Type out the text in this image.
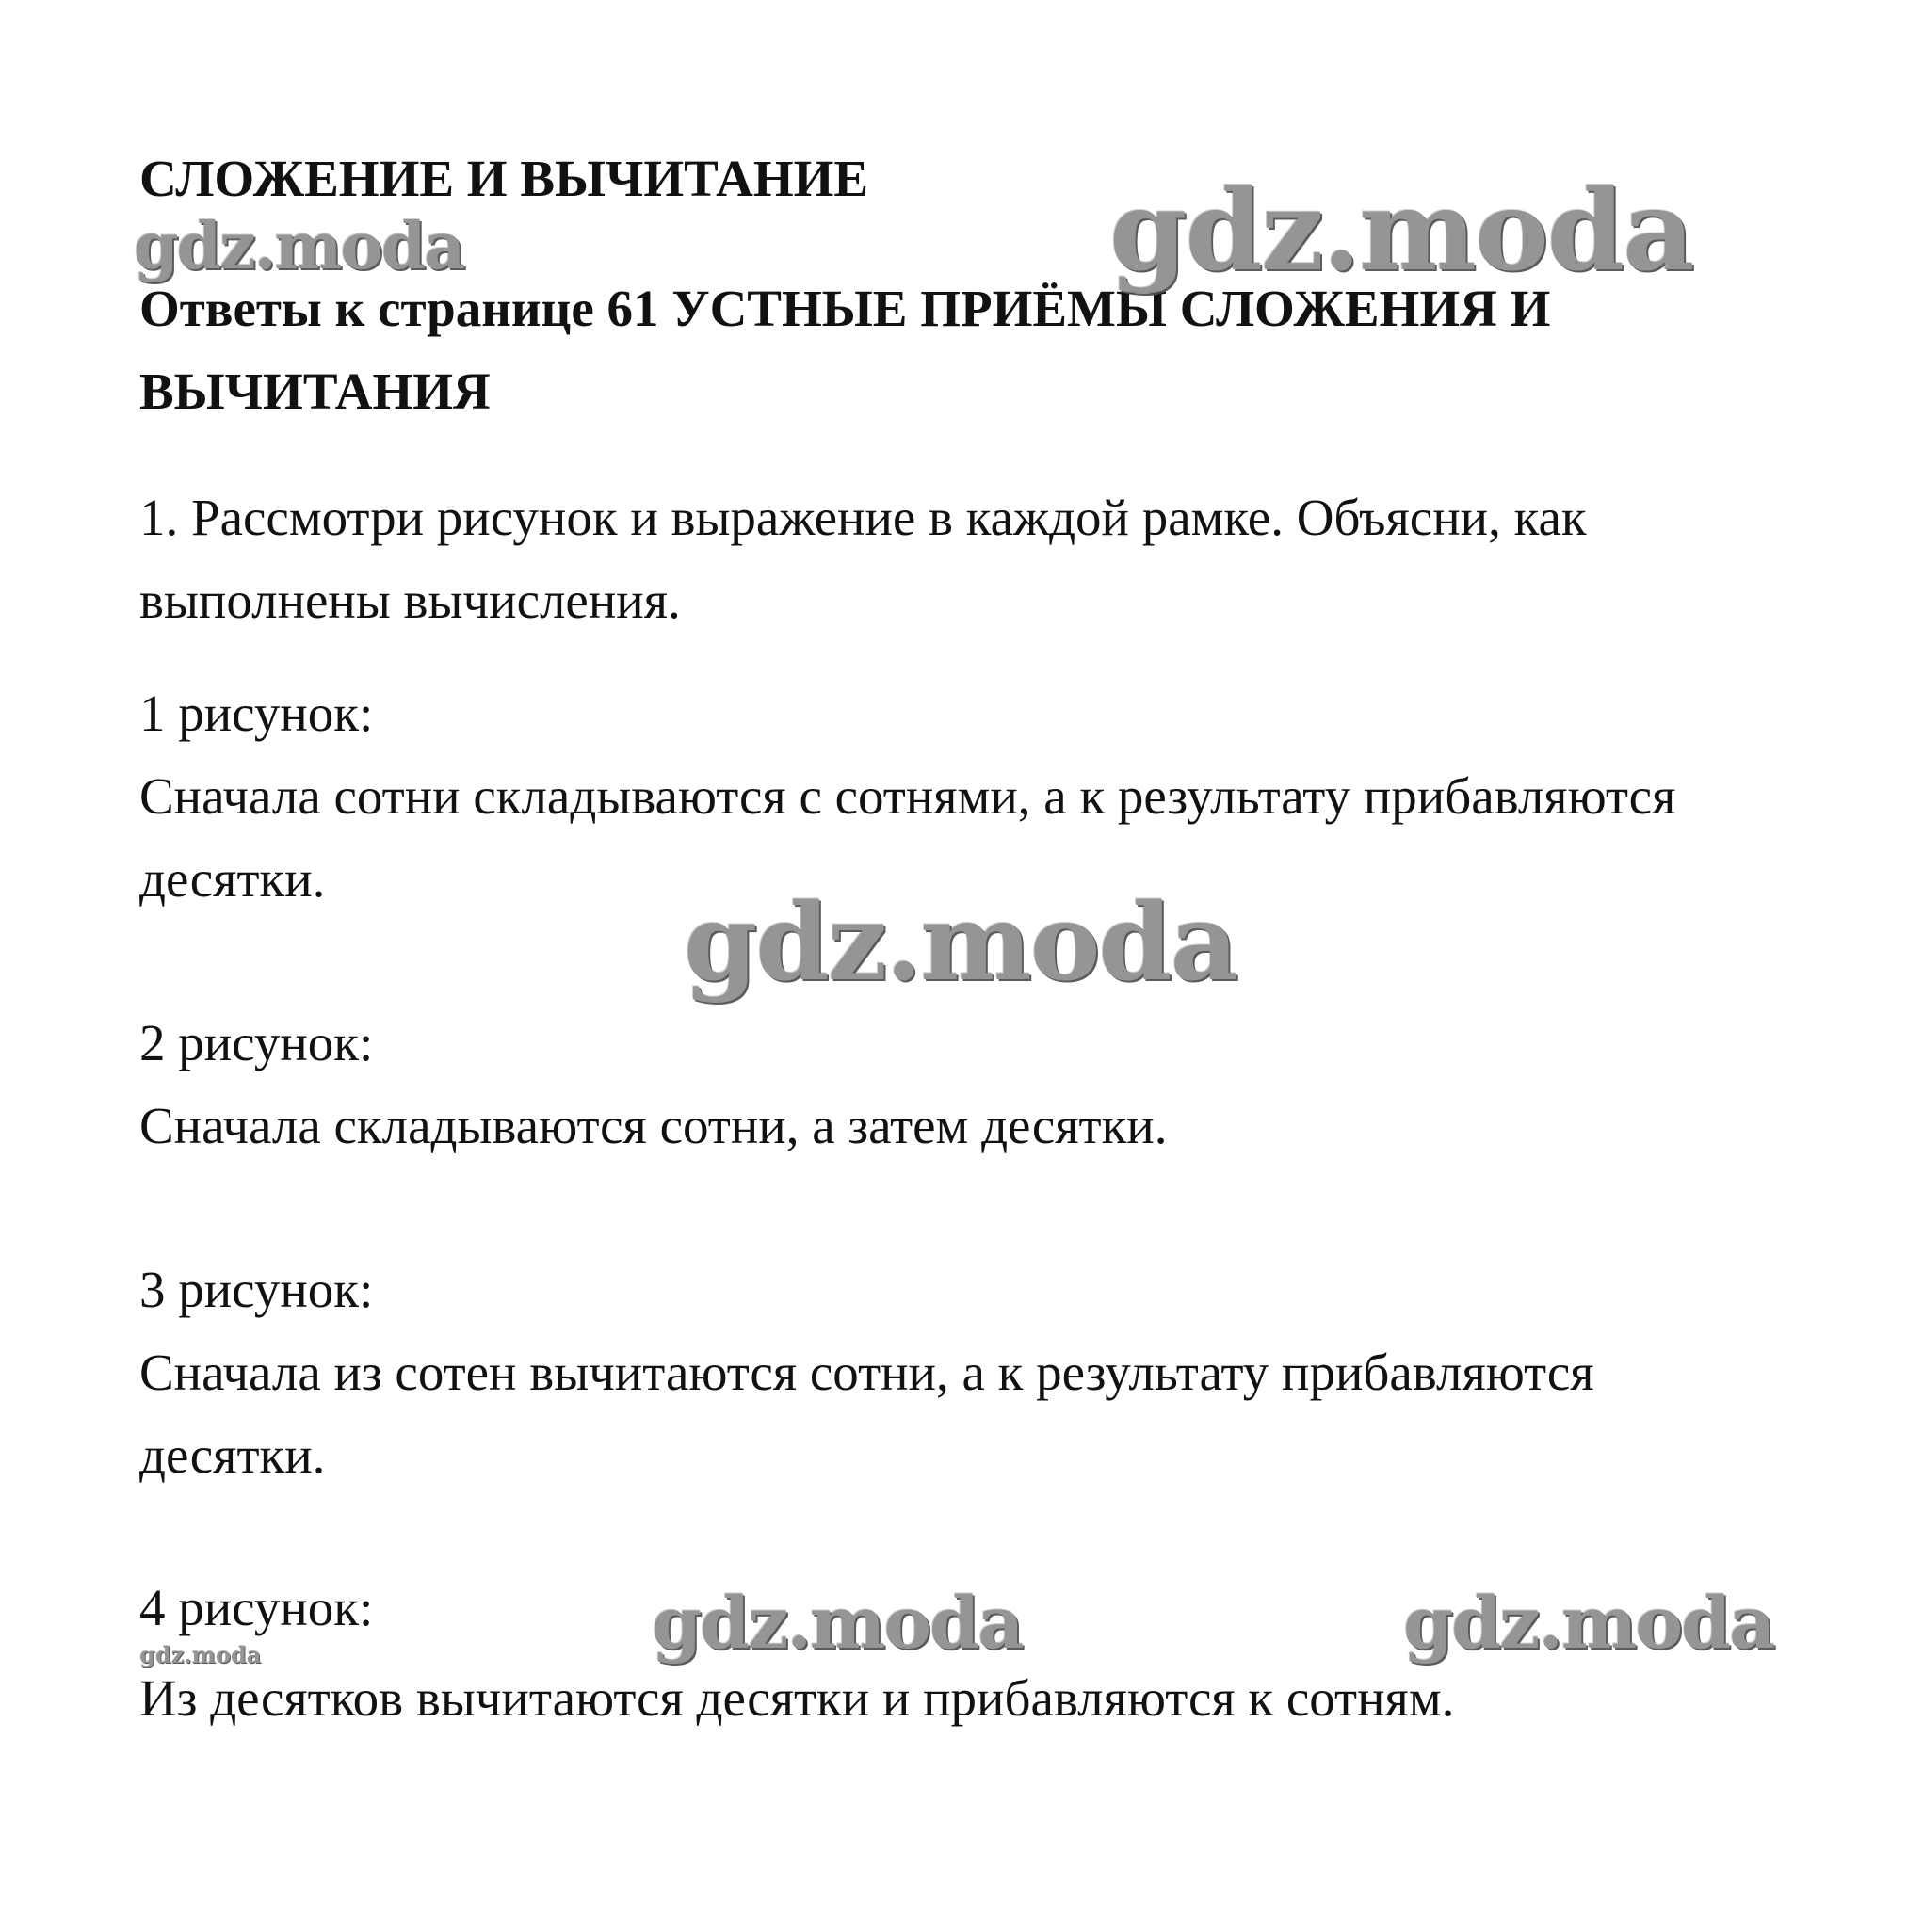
СЛОЖЕНИЕ И ВЫЧИТАНИЕ
Ответы к странице 61 УСТНЫЕ ПРИЁМЫ СЛОЖЕНИЯ И
ВЫЧИТАНИЯ

1. Рассмотри рисунок и выражение в каждой рамке. Объясни, как

выполнены вычисления.

1 рисунок:

Сначала сотни складываются с сотнями, а к результату прибавляются

десятки.

2 рисунок:

Сначала складываются сотни, а затем десятки.

3 рисунок:

Сначала из сотен вычитаются сотни, а к результату прибавляются

десятки.

4 рисунок:

Из десятков вычитаются десятки и прибавляются к сотням.

gdz.moda	gdz.moda
gdz.moda
gdz.moda	gdz.moda
gdz.moda
